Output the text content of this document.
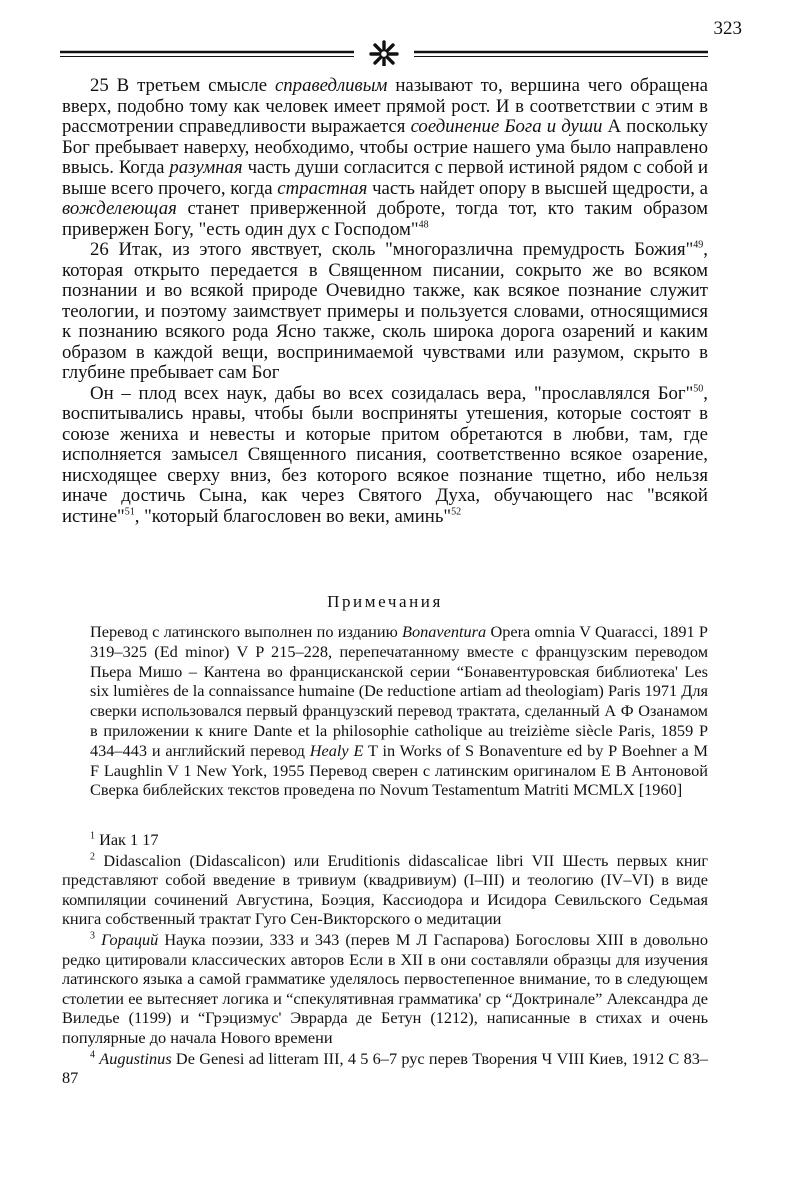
323

25 В третьем смысле справедливым называют то, вершина чего обращена вверх, подобно тому как человек имеет прямой рост. И в соответствии с этим в рассмотрении справедливости выражается соединение Бога и души А поскольку Бог пребывает наверху, необходимо, чтобы острие нашего ума было направлено ввысь. Когда разумная часть души согласится с первой истиной рядом с собой и выше всего прочего, когда страстная часть найдет опору в высшей щедрости, а вожделеющая станет приверженной доброте, тогда тот, кто таким образом привержен Богу, "есть один дух с Господом"$^{48}$

26 Итак, из этого явствует, сколь "многоразлична премудрость Божия"$^{49}$, которая открыто передается в Священном писании, сокрыто же во всяком познании и во всякой природе Очевидно также, как всякое познание служит теологии, и поэтому заимствует примеры и пользуется словами, относящимися к познанию всякого рода Ясно также, сколь широка дорога озарений и каким образом в каждой вещи, воспринимаемой чувствами или разумом, скрыто в глубине пребывает сам Бог

Он – плод всех наук, дабы во всех созидалась вера, "прославлялся Бог"$^{50}$, воспитывались нравы, чтобы были восприняты утешения, которые состоят в союзе жениха и невесты и которые притом обретаются в любви, там, где исполняется замысел Священного писания, соответственно всякое озарение, нисходящее сверху вниз, без которого всякое познание тщетно, ибо нельзя иначе достичь Сына, как через Святого Духа, обучающего нас "всякой истине"$^{51}$, "который благословен во веки, аминь"$^{52}$

Примечания
Перевод с латинского выполнен по изданию Bonaventura Opera omnia V Quaracci, 1891 P 319–325 (Ed minor) V P 215–228, перепечатанному вместе с французским переводом Пьера Мишо – Кантена во францисканской серии “Бонавентуровская библиотека' Les six lumières de la connaissance humaine (De reductione artiam ad theologiam) Paris 1971 Для сверки использовался первый французский перевод трактата, сделанный А Ф Озанамом в приложении к книге Dante et la philosophie catholique au treizième siècle Paris, 1859 P 434–443 и английский перевод Healy E T in Works of S Bonaventure ed by P Boehner a M F Laughlin V 1 New York, 1955 Перевод сверен с латинским оригиналом Е В Антоновой Сверка библейских текстов проведена по Novum Testamentum Matriti MCMLX [1960]

$^1$ Иак 1 17

$^2$ Didascalion (Didascalicon) или Eruditionis didascalicae libri VII Шесть первых книг представляют собой введение в тривиум (квадривиум) (I–III) и теологию (IV–VI) в виде компиляции сочинений Августина, Боэция, Кассиодора и Исидора Севильского Седьмая книга собственный трактат Гуго Сен-Викторского о медитации

$^3$ Гораций Наука поэзии, 333 и 343 (перев М Л Гаспарова) Богословы XIII в довольно редко цитировали классических авторов Если в XII в они составляли образцы для изучения латинского языка а самой грамматике уделялось первостепенное внимание, то в следующем столетии ее вытесняет логика и “спекулятивная грамматика' ср “Доктринале” Александра де Виледье (1199) и “Грэцизмус' Эврарда де Бетун (1212), написанные в стихах и очень популярные до начала Нового времени

$^4$ Augustinus De Genesi ad litteram III, 4 5 6–7 рус перев Творения Ч VIII Киев, 1912 С 83–87
